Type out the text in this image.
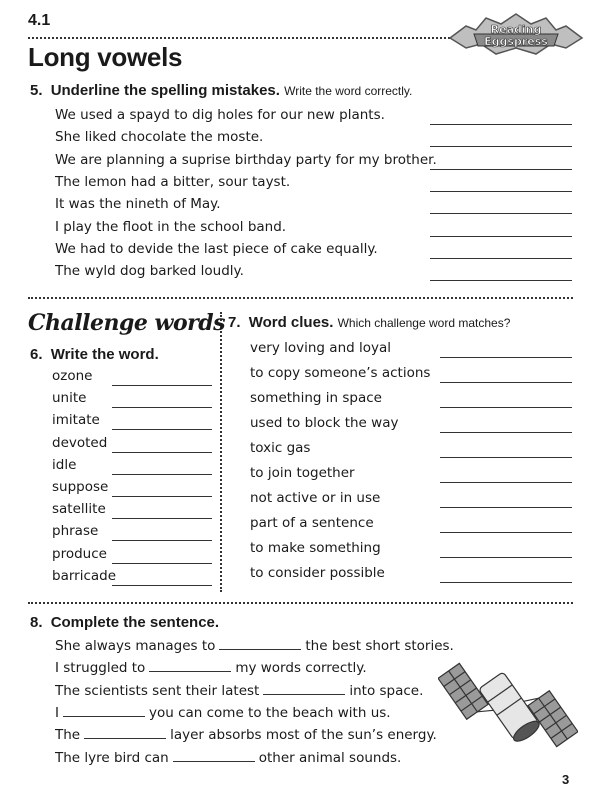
4.1
Reading
Eggspress
Long vowels
5. Underline the spelling mistakes. Write the word correctly.
We used a spayd to dig holes for our new plants.
She liked chocolate the moste.
We are planning a suprise birthday party for my brother.
The lemon had a bitter, sour tayst.
It was the nineth of May.
I play the floot in the school band.
We had to devide the last piece of cake equally.
The wyld dog barked loudly.
Challenge words
6. Write the word.
ozone
unite
imitate
devoted
idle
suppose
satellite
phrase
produce
barricade
7. Word clues. Which challenge word matches?
very loving and loyal
to copy someone’s actions
something in space
used to block the way
toxic gas
to join together
not active or in use
part of a sentence
to make something
to consider possible
8. Complete the sentence.
She always manages to	the best short stories.
I struggled to	my words correctly.
The scientists sent their latest	into space.
I	you can come to the beach with us.
The	layer absorbs most of the sun’s energy.
The lyre bird can	other animal sounds.
3
